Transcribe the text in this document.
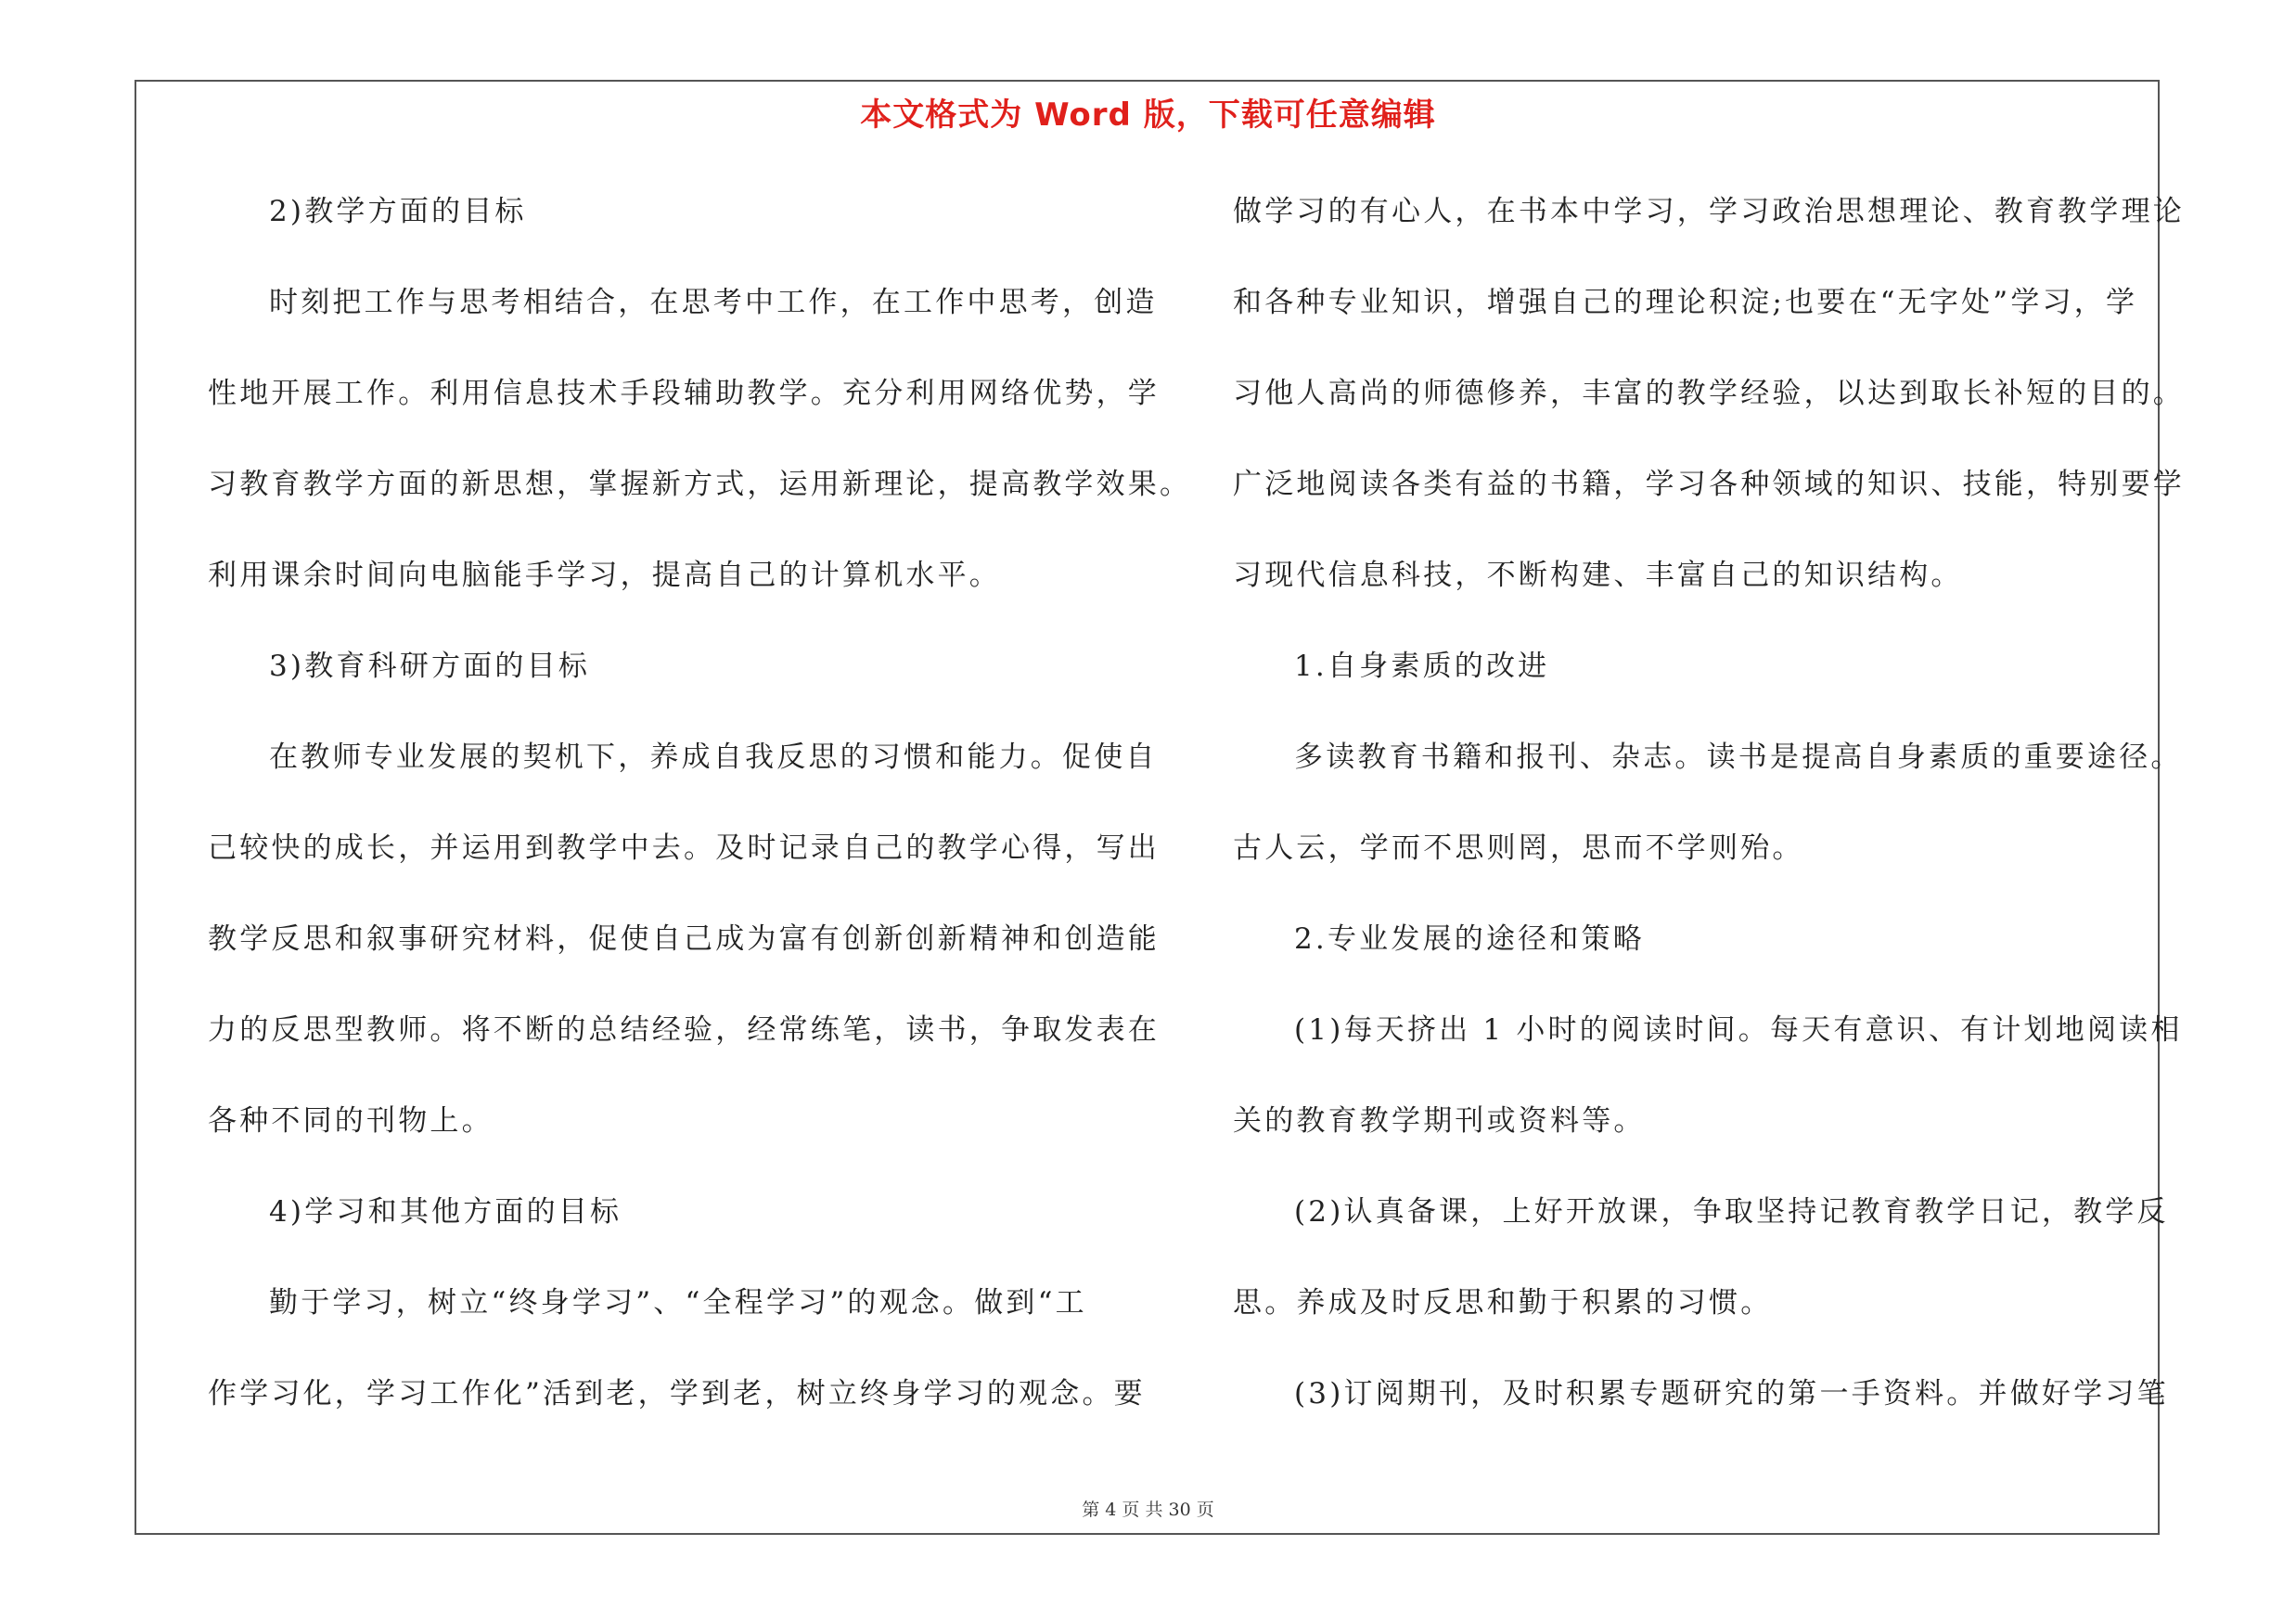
本文格式为 Word 版，下载可任意编辑
2)教学方面的目标
时刻把工作与思考相结合，在思考中工作，在工作中思考，创造
性地开展工作。利用信息技术手段辅助教学。充分利用网络优势，学
习教育教学方面的新思想，掌握新方式，运用新理论，提高教学效果。
利用课余时间向电脑能手学习，提高自己的计算机水平。
3)教育科研方面的目标
在教师专业发展的契机下，养成自我反思的习惯和能力。促使自
己较快的成长，并运用到教学中去。及时记录自己的教学心得，写出
教学反思和叙事研究材料，促使自己成为富有创新创新精神和创造能
力的反思型教师。将不断的总结经验，经常练笔，读书，争取发表在
各种不同的刊物上。
4)学习和其他方面的目标
勤于学习，树立“终身学习”、“全程学习”的观念。做到“工
作学习化，学习工作化”活到老，学到老，树立终身学习的观念。要
做学习的有心人，在书本中学习，学习政治思想理论、教育教学理论
和各种专业知识，增强自己的理论积淀;也要在“无字处”学习，学
习他人高尚的师德修养，丰富的教学经验，以达到取长补短的目的。
广泛地阅读各类有益的书籍，学习各种领域的知识、技能，特别要学
习现代信息科技，不断构建、丰富自己的知识结构。
1.自身素质的改进
多读教育书籍和报刊、杂志。读书是提高自身素质的重要途径。
古人云，学而不思则罔，思而不学则殆。
2.专业发展的途径和策略
(1)每天挤出 1 小时的阅读时间。每天有意识、有计划地阅读相
关的教育教学期刊或资料等。
(2)认真备课，上好开放课，争取坚持记教育教学日记，教学反
思。养成及时反思和勤于积累的习惯。
(3)订阅期刊，及时积累专题研究的第一手资料。并做好学习笔
第 4 页 共 30 页
